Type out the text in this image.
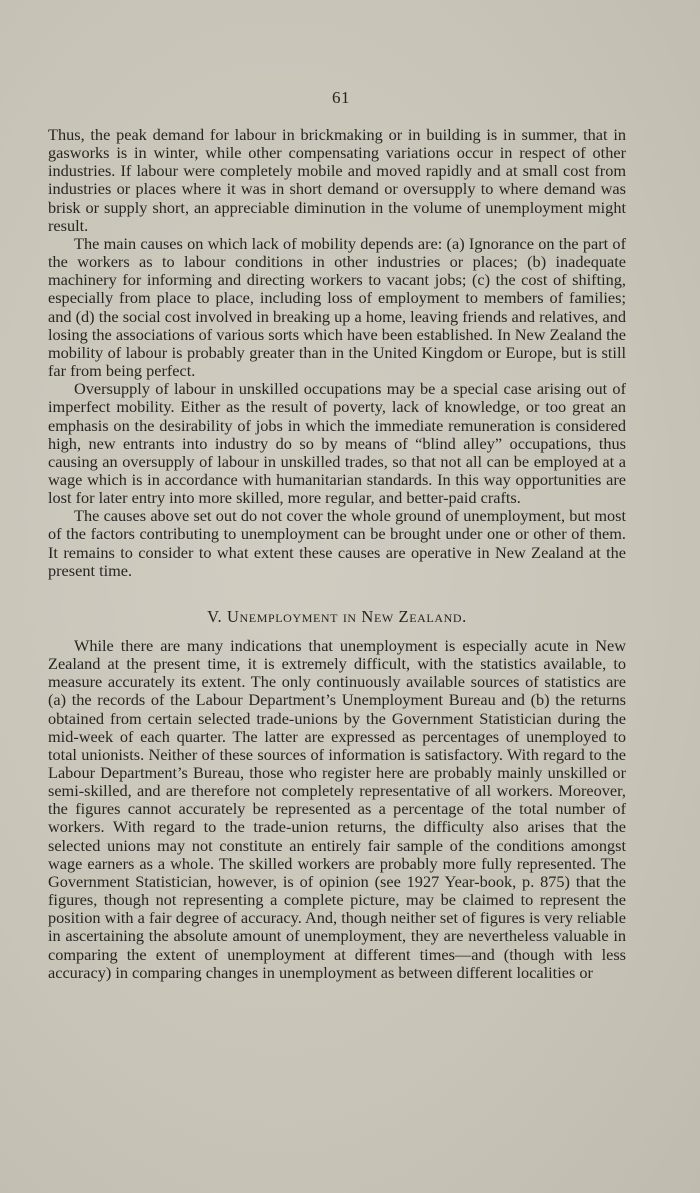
61

Thus, the peak demand for labour in brickmaking or in building is in summer, that in gasworks is in winter, while other compensating variations occur in respect of other industries. If labour were completely mobile and moved rapidly and at small cost from industries or places where it was in short demand or oversupply to where demand was brisk or supply short, an appreciable diminution in the volume of unemployment might result.

The main causes on which lack of mobility depends are: (a) Ignorance on the part of the workers as to labour conditions in other industries or places; (b) inadequate machinery for informing and directing workers to vacant jobs; (c) the cost of shifting, especially from place to place, including loss of employment to members of families; and (d) the social cost involved in breaking up a home, leaving friends and relatives, and losing the associations of various sorts which have been established. In New Zealand the mobility of labour is probably greater than in the United Kingdom or Europe, but is still far from being perfect.

Oversupply of labour in unskilled occupations may be a special case arising out of imperfect mobility. Either as the result of poverty, lack of knowledge, or too great an emphasis on the desirability of jobs in which the immediate remuneration is considered high, new entrants into industry do so by means of “blind alley” occupations, thus causing an oversupply of labour in unskilled trades, so that not all can be employed at a wage which is in accordance with humanitarian standards. In this way opportunities are lost for later entry into more skilled, more regular, and better-paid crafts.

The causes above set out do not cover the whole ground of unemployment, but most of the factors contributing to unemployment can be brought under one or other of them. It remains to consider to what extent these causes are operative in New Zealand at the present time.

V. Unemployment in New Zealand.

While there are many indications that unemployment is especially acute in New Zealand at the present time, it is extremely difficult, with the statistics available, to measure accurately its extent. The only continuously available sources of statistics are (a) the records of the Labour Department’s Unemployment Bureau and (b) the returns obtained from certain selected trade-unions by the Government Statistician during the mid-week of each quarter. The latter are expressed as percentages of unemployed to total unionists. Neither of these sources of information is satisfactory. With regard to the Labour Department’s Bureau, those who register here are probably mainly unskilled or semi-skilled, and are therefore not completely representative of all workers. Moreover, the figures cannot accurately be represented as a percentage of the total number of workers. With regard to the trade-union returns, the difficulty also arises that the selected unions may not constitute an entirely fair sample of the conditions amongst wage earners as a whole. The skilled workers are probably more fully represented. The Government Statistician, however, is of opinion (see 1927 Year-book, p. 875) that the figures, though not representing a complete picture, may be claimed to represent the position with a fair degree of accuracy. And, though neither set of figures is very reliable in ascertaining the absolute amount of unemployment, they are nevertheless valuable in comparing the extent of unemployment at different times—and (though with less accuracy) in comparing changes in unemployment as between different localities or
